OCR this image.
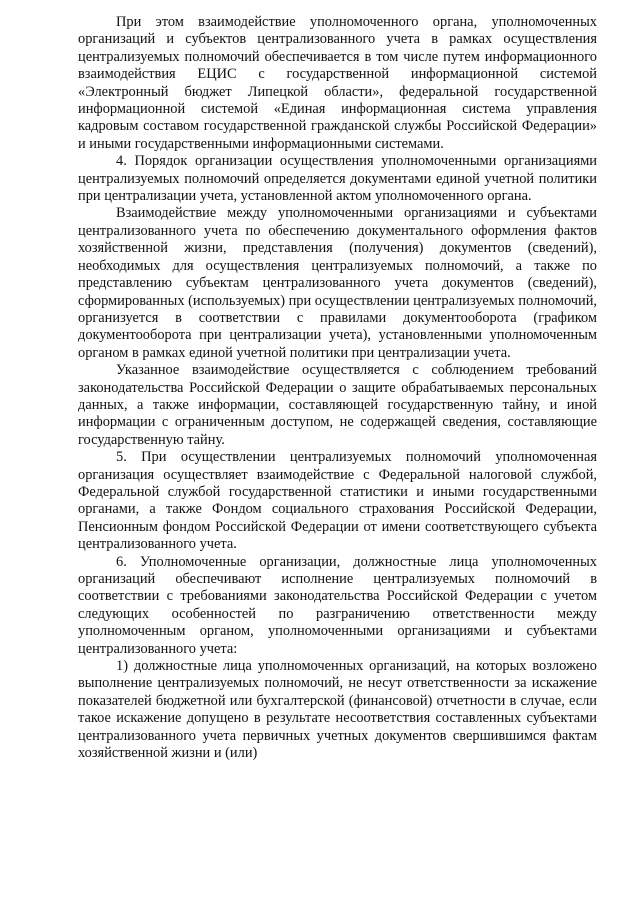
При этом взаимодействие уполномоченного органа, уполномоченных организаций и субъектов централизованного учета в рамках осуществления централизуемых полномочий обеспечивается в том числе путем информационного взаимодействия ЕЦИС с государственной информационной системой «Электронный бюджет Липецкой области», федеральной государственной информационной системой «Единая информационная система управления кадровым составом государственной гражданской службы Российской Федерации» и иными государственными информационными системами.

4. Порядок организации осуществления уполномоченными организациями централизуемых полномочий определяется документами единой учетной политики при централизации учета, установленной актом уполномоченного органа.

Взаимодействие между уполномоченными организациями и субъектами централизованного учета по обеспечению документального оформления фактов хозяйственной жизни, представления (получения) документов (сведений), необходимых для осуществления централизуемых полномочий, а также по представлению субъектам централизованного учета документов (сведений), сформированных (используемых) при осуществлении централизуемых полномочий, организуется в соответствии с правилами документооборота (графиком документооборота при централизации учета), установленными уполномоченным органом в рамках единой учетной политики при централизации учета.

Указанное взаимодействие осуществляется с соблюдением требований законодательства Российской Федерации о защите обрабатываемых персональных данных, а также информации, составляющей государственную тайну, и иной информации с ограниченным доступом, не содержащей сведения, составляющие государственную тайну.

5. При осуществлении централизуемых полномочий уполномоченная организация осуществляет взаимодействие с Федеральной налоговой службой, Федеральной службой государственной статистики и иными государственными органами, а также Фондом социального страхования Российской Федерации, Пенсионным фондом Российской Федерации от имени соответствующего субъекта централизованного учета.

6. Уполномоченные организации, должностные лица уполномоченных организаций обеспечивают исполнение централизуемых полномочий в соответствии с требованиями законодательства Российской Федерации с учетом следующих особенностей по разграничению ответственности между уполномоченным органом, уполномоченными организациями и субъектами централизованного учета:

1) должностные лица уполномоченных организаций, на которых возложено выполнение централизуемых полномочий, не несут ответственности за искажение показателей бюджетной или бухгалтерской (финансовой) отчетности в случае, если такое искажение допущено в результате несоответствия составленных субъектами централизованного учета первичных учетных документов свершившимся фактам хозяйственной жизни и (или)
